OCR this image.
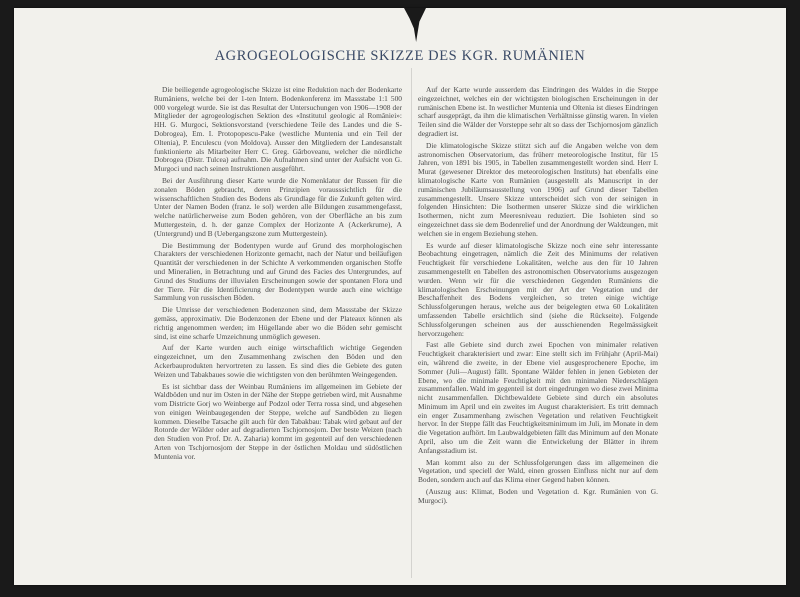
AGROGEOLOGISCHE SKIZZE DES KGR. RUMÄNIEN

Die beiliegende agrogeologische Skizze ist eine Reduktion nach der Bodenkarte Rumäniens, welche bei der 1-ten Intern. Bodenkonferenz im Massstabe 1:1 500 000 vorgelegt wurde. Sie ist das Resultat der Untersuchungen von 1906—1908 der Mitglieder der agrogeologischen Sektion des «Institutul geologic al României»: HH. G. Murgoci, Sektionsvorstand (verschiedene Teile des Landes und die S-Dobrogea), Em. I. Protopopescu-Pake (westliche Muntenia und ein Teil der Oltenia), P. Enculescu (von Moldova). Ausser den Mitgliedern der Landesanstalt funktionierte als Mitarbeiter Herr C. Greg. Gărboveanu, welcher die nördliche Dobrogea (Distr. Tulcea) aufnahm. Die Aufnahmen sind unter der Aufsicht von G. Murgoci und nach seinen Instruktionen ausgeführt.

Bei der Ausführung dieser Karte wurde die Nomenklatur der Russen für die zonalen Böden gebraucht, deren Prinzipien vorausssichtlich für die wissenschaftlichen Studien des Bodens als Grundlage für die Zukunft gelten wird. Unter der Namen Boden (franz. le sol) werden alle Bildungen zusammengefasst, welche natürlicherweise zum Boden gehören, von der Oberfläche an bis zum Muttergestein, d. h. der ganze Complex der Horizonte A (Ackerkrume), A (Untergrund) und B (Uebergangszone zum Muttergestein).

Die Bestimmung der Bodentypen wurde auf Grund des morphologischen Charakters der verschiedenen Horizonte gemacht, nach der Natur und beiläufigen Quantität der verschiedenen in der Schichte A verkommenden organischen Stoffe und Mineralien, in Betrachtung und auf Grund des Facies des Untergrundes, auf Grund des Studiums der illuvialen Erscheinungen sowie der spontanen Flora und der Tiere. Für die Identificierung der Bodentypen wurde auch eine wichtige Sammlung von russischen Böden.

Die Umrisse der verschiedenen Bodenzonen sind, dem Massstabe der Skizze gemäss, approximativ. Die Bodenzonen der Ebene und der Plateaux können als richtig angenommen werden; im Hügellande aber wo die Böden sehr gemischt sind, ist eine scharfe Umzeichnung unmöglich gewesen.

Auf der Karte wurden auch einige wirtschaftlich wichtige Gegenden eingezeichnet, um den Zusammenhang zwischen den Böden und den Ackerbauprodukten hervortreten zu lassen. Es sind dies die Gebiete des guten Weizen und Tabakbaues sowie die wichtigsten von den berühmten Weingegenden.

Es ist sichtbar dass der Weinbau Rumäniens im allgemeinen im Gebiete der Waldböden und nur im Osten in der Nähe der Steppe getrieben wird, mit Ausnahme vom Districte Gorj wo Weinberge auf Podzol oder Terra rossa sind, und abgesehen von einigen Weinbaugegenden der Steppe, welche auf Sandböden zu liegen kommen. Dieselbe Tatsache gilt auch für den Tabakbau: Tabak wird gebaut auf der Rotorde der Wälder oder auf degradierten Tschjornosjom. Der beste Weizen (nach den Studien von Prof. Dr. A. Zaharia) kommt im gegenteil auf den verschiedenen Arten von Tschjornosjom der Steppe in der östlichen Moldau und südöstlichen Muntenia vor.

Auf der Karte wurde ausserdem das Eindringen des Waldes in die Steppe eingezeichnet, welches ein der wichtigsten biologischen Erscheinungen in der rumänischen Ebene ist. In westlicher Muntenia und Oltenia ist dieses Eindringen scharf ausgeprägt, da ihm die klimatischen Verhältnisse günstig waren. In vielen Teilen sind die Wälder der Vorsteppe sehr alt so dass der Tschjornosjom gänzlich degradiert ist.

Die klimatologische Skizze stützt sich auf die Angaben welche von dem astronomischen Observatorium, das früherr meteorologische Institut, für 15 Jahren, von 1891 bis 1905, in Tabellen zusammengestellt worden sind. Herr I. Murat (gewesener Direktor des meteorologischen Instituts) hat ebenfalls eine klimatologische Karte von Rumänien (ausgestellt als Manuscript in der rumänischen Jubiläumsausstellung von 1906) auf Grund dieser Tabellen zusammengestellt. Unsere Skizze unterscheidet sich von der seinigen in folgenden Hinsichten: Die Isothermen unserer Skizze sind die wirklichen Isothermen, nicht zum Meeresniveau reduziert. Die Isohieten sind so eingezeichnet dass sie dem Bodenrelief und der Anordnung der Waldzungen, mit welchen sie in engem Beziehung stehen.

Es wurde auf dieser klimatologische Skizze noch eine sehr interessante Beobachtung eingetragen, nämlich die Zeit des Minimums der relativen Feuchtigkeit für verschiedene Lokalitäten, welche aus den für 10 Jahren zusammengestellt en Tabellen des astronomischen Observatoriums ausgezogen wurden. Wenn wir für die verschiedenen Gegenden Rumäniens die klimatologischen Erscheinungen mit der Art der Vegetation und der Beschaffenheit des Bodens vergleichen, so treten einige wichtige Schlussfolgerungen heraus, welche aus der beigelegten etwa 60 Lokalitäten umfassenden Tabelle ersichtlich sind (siehe die Rückseite). Folgende Schlussfolgerungen scheinen aus der ausschienenden Regelmässigkeit hervorzugehen:

Fast alle Gebiete sind durch zwei Epochen von minimaler relativen Feuchtigkeit charakterisiert und zwar: Eine stellt sich im Frühjahr (April-Mai) ein, während die zweite, in der Ebene viel ausgesprochenere Epoche, im Sommer (Juli—August) fällt. Spontane Wälder fehlen in jenen Gebieten der Ebene, wo die minimale Feuchtigkeit mit den minimalen Niederschlägen zusammenfallen. Wald im gegenteil ist dort eingedrungen wo diese zwei Minima nicht zusammenfallen. Dichtbewaldete Gebiete sind durch ein absolutes Minimum im April und ein zweites im August charakterisiert. Es tritt demnach ein enger Zusammenhang zwischen Vegetation und relativen Feuchtigkeit hervor. In der Steppe fällt das Feuchtigkeitsminimum im Juli, im Monate in dem die Vegetation aufhört. Im Laubwaldgebieten fällt das Minimum auf den Monate April, also um die Zeit wann die Entwickelung der Blätter in ihrem Anfangsstadium ist.

Man kommt also zu der Schlussfolgerungen dass im allgemeinen die Vegetation, und speciell der Wald, einen grossen Einfluss nicht nur auf dem Boden, sondern auch auf das Klima einer Gegend haben können.

(Auszug aus: Klimat, Boden und Vegetation d. Kgr. Rumänien von G. Murgoci).
